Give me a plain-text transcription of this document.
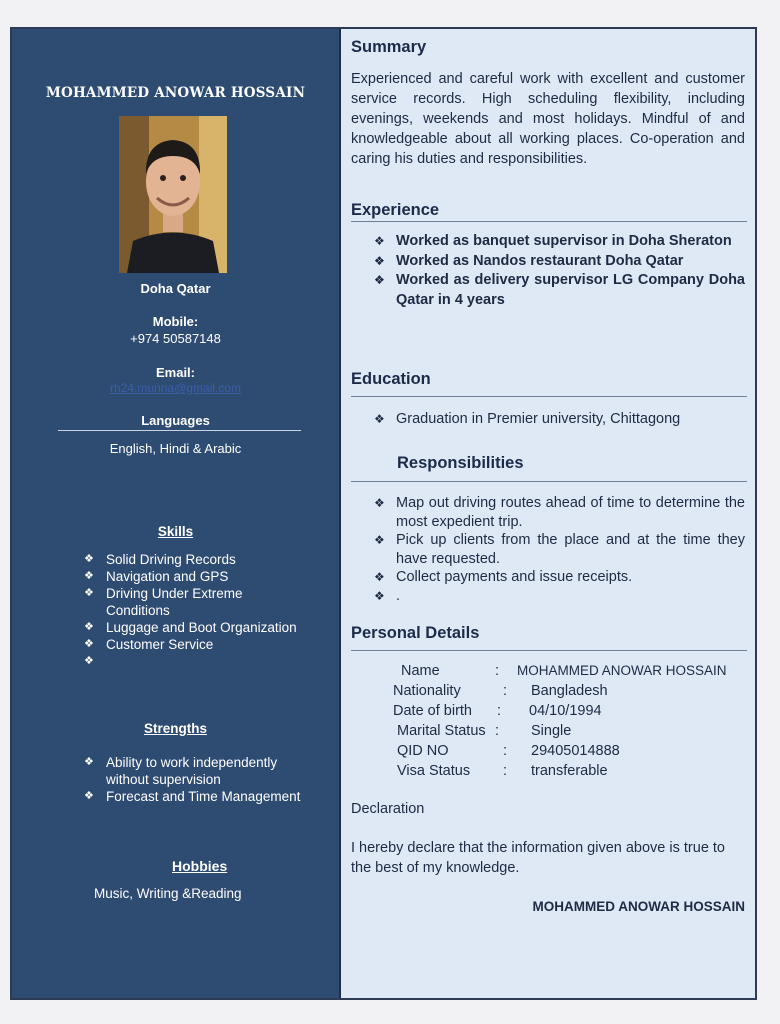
MOHAMMED ANOWAR HOSSAIN
Doha Qatar
Mobile:
+974 50587148
Email:
rh24.munna@gmail.com
Languages
English, Hindi & Arabic
Skills
❖ Solid Driving Records
❖ Navigation and GPS
❖ Driving Under Extreme Conditions
❖ Luggage and Boot Organization
❖ Customer Service
Strengths
❖ Ability to work independently without supervision
❖ Forecast and Time Management
Hobbies
Music, Writing &Reading
Summary
Experienced and careful work with excellent and customer service records. High scheduling flexibility, including evenings, weekends and most holidays. Mindful of and knowledgeable about all working places. Co-operation and caring his duties and responsibilities.
Experience
❖ Worked as banquet supervisor in Doha Sheraton
❖ Worked as Nandos restaurant Doha Qatar
❖ Worked as delivery supervisor LG Company Doha Qatar in 4 years
Education
❖ Graduation in Premier university, Chittagong
Responsibilities
❖ Map out driving routes ahead of time to determine the most expedient trip.
❖ Pick up clients from the place and at the time they have requested.
❖ Collect payments and issue receipts.
❖ .
Personal Details
Name	:	MOHAMMED ANOWAR HOSSAIN
Nationality	:	Bangladesh
Date of birth	:	04/10/1994
Marital Status	:	Single
QID NO	:	29405014888
Visa Status	:	transferable
Declaration
I hereby declare that the information given above is true to the best of my knowledge.
MOHAMMED ANOWAR HOSSAIN
